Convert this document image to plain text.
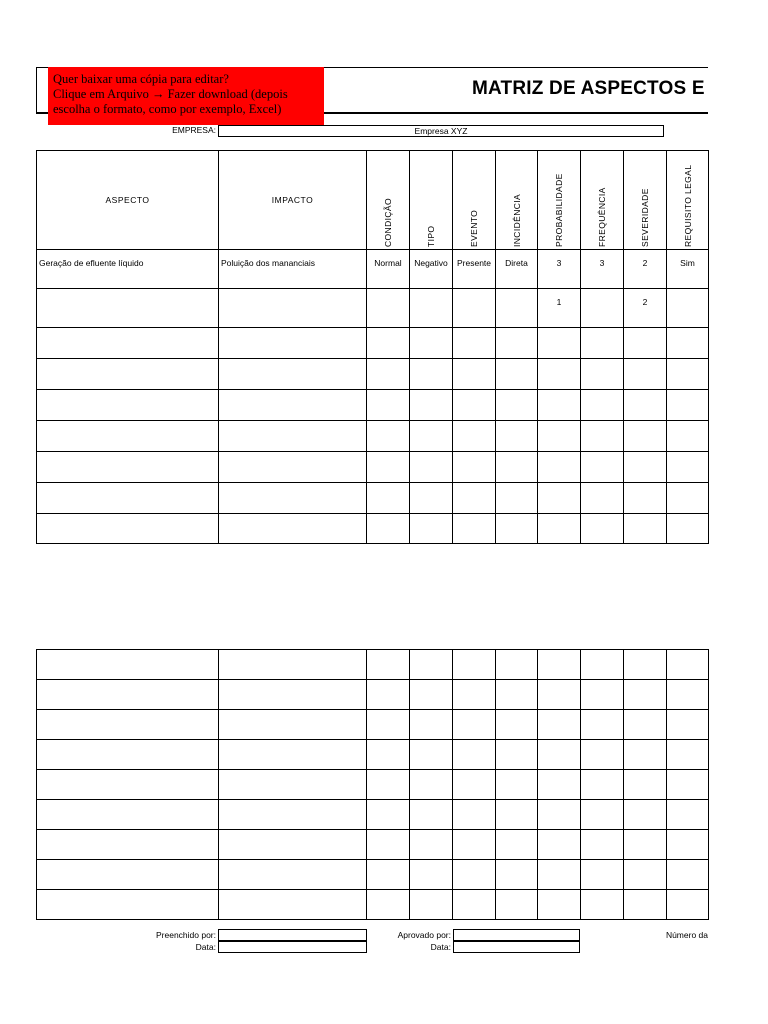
Quer baixar uma cópia para editar?
Clique em Arquivo → Fazer download (depois
escolha o formato, como por exemplo, Excel)
MATRIZ DE ASPECTOS E
EMPRESA:	Empresa XYZ
ASPECTO	IMPACTO	CONDIÇÃO	TIPO	EVENTO	INCIDÊNCIA	PROBABILIDADE	FREQUÊNCIA	SEVERIDADE	REQUISITO LEGAL

Geração de efluente líquido	Poluição dos mananciais	Normal	Negativo	Presente	Direta	3	3	2	Sim
						1		2	

Preenchido por:
Data:
Aprovado por:
Data:
Número da
